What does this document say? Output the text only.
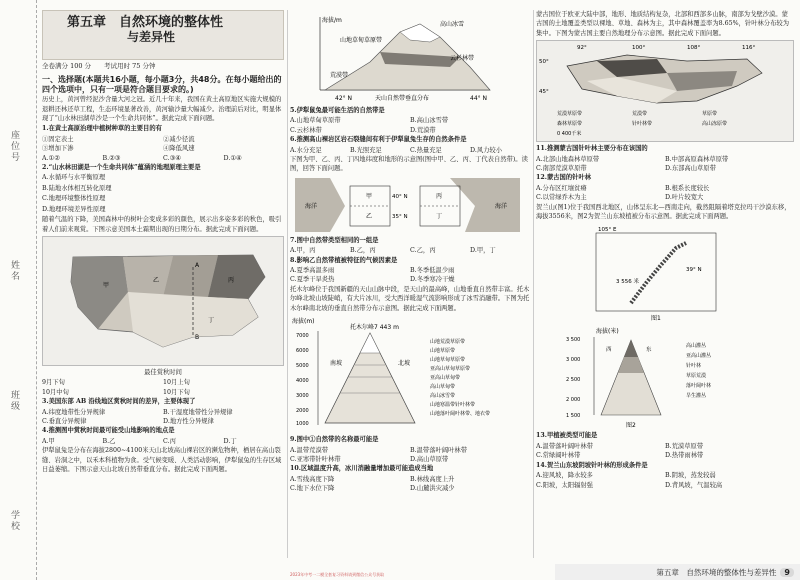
座位号
姓名
班级
学校
第五章　自然环境的整体性
与差异性

全卷满分 100 分　　考试用时 75 分钟

一、选择题(本题共16小题，每小题3分，共48分。在每小题给出的四个选项中，只有一项是符合题目要求的。)

历史上，黄河曾经泥沙含量大河之冠。近几十年来，我国在黄土高原地区实施大规模的退耕还林还草工程，生态环境显著改善，黄河输沙量大幅减少。治理前后对比，明显体现了“山水林田湖草沙是一个生命共同体”。据此完成下面问题。

1.在黄土高原治理中植树种草的主要目的有

①固定表土	②减少径流
③增加下渗	④降低风速
A.①②	B.②③	C.③④	D.①④

2.“山水林田湖是一个生命共同体”蕴涵的地理原理主要是

A.水循环与水平衡原理

B.陆地水体相互转化原理

C.地理环境整体性原理

D.地理环境差异性原理

随着气温的下降，美国森林中的树叶会变成多彩的颜色，展示出多姿多彩的秋色，吸引着人们前来观赏。下图示意美国本土霜期出现的日期分布。据此完成下面问题。

A
B
甲
乙	丙
丁

最佳赏秋时间

9月下旬	10月上旬
10月中旬	10月下旬

3.美国东部 AB 沿线地区赏秋时间的差异，主要体现了

A.纬度地带性分异规律	B.干湿度地带性分异规律
C.垂直分异规律	D.地方性分异规律

4.推测图中赏秋时间最可能受山地影响的地点是

A.甲	B.乙	C.丙	D.丁

伊犁鼠兔是分布在海拔2800~4100米天山北坡高山裸岩区的濒危物种，栖居在高山裂缝、岩洞之中，以禾本科植物为食。受气候变暖、人类活动影响，伊犁鼠兔的生存区域日益萎缩。下图示意天山北坡自然带垂直分布。据此完成下面两题。

海拔/m
高山冰雪
山地草甸草原带
云杉林带
荒漠带
42° N	天山自然带垂直分布	44° N

5.伊犁鼠兔最可能生活的自然带是

A.山地草甸草原带	B.高山冰雪带
C.云杉林带	D.荒漠带

6.推测高山裸岩区岩石裂缝间有利于伊犁鼠兔生存的自然条件是

A.水分充足	B.光照充足	C.热量充足	D.风力较小

下图为甲、乙、丙、丁四地纬度和地形的示意图(图中甲、乙、丙、丁代表自然带)。读图，回答下面问题。

海洋	海洋
甲
乙
丙
丁
40° N
35° N

7.图中自然带类型相同的一组是

A.甲，丙	B.乙，丙	C.乙，丙	D.甲，丁

8.影响乙自然带植被特征的气候因素是

A.夏季高温多雨	B.冬季低温少雨
C.夏季干旱炎热	D.冬季寒冷干燥

托木尔峰位于我国新疆的天山山脉中段，是天山的最高峰，山地垂直自然带丰富。托木尔峰北坡山坡陡峭，有大片冰川，受大西洋暖湿气流影响形成了冰雪消融带。下图为托木尔峰南北坡的垂直自然带分布示意图。据此完成下面两题。

海拔(m)
托木尔峰7 443 m
7000
6000
5000
4000
3000
2000
1000
南坡	北坡
山地荒漠草原带
山地草原带
山地草甸草原带
亚高山草甸草原带
亚高山草甸带
高山草甸带
高山冰雪带
山地寒温带针叶林带
山地落叶阔叶林带、地衣带

9.图中①自然带的名称最可能是

A.温带荒漠带	B.温带落叶阔叶林带
C.亚寒带针叶林带	D.高山草原带

10.区域温度升高，冰川消融量增加最可能造成当地

A.雪线高度下降	B.林线高度上升
C.地下水位下降	D.山麓洪灾减少

蒙古国位于欧亚大陆中部，地形、地质结构复杂，北部和西部多山脉，南部为戈壁沙漠。蒙古国的土地覆盖类型以裸地、草地、森林为主，其中森林覆盖率为8.65%，针叶林分布较为集中。下图为蒙古国主要自然地理分布示意图。据此完成下面问题。

92°	100°	108°	116°
50°
45°
荒漠草原带	荒漠带	草原带
森林草原带	针叶林带	高山冻原带
0 400千米

11.推测蒙古国针叶林主要分布在该国的

A.北部山地森林草原带	B.中部高原森林草原带
C.南部荒漠草原带	D.东部高山草原带

12.蒙古国的针叶林

A.分布区红壤贫瘠	B.根系长度较长
C.以常绿乔木为主	D.叶片较宽大

贺兰山(图1)位于我国西北地区，山体呈东北—西南走向，截然阻隔着塔克拉玛干沙漠东移，海拔3556米，图2为贺兰山东坡植被分布示意图。据此完成下面两题。

105° E
39° N
3 556 米
图1
海拔(米)
3 500
3 000
2 500
2 000
1 500
西	东
高山灌丛
亚高山灌丛
针叶林
草原荒漠
落叶阔叶林
旱生灌丛
图2

13.甲植被类型可能是

A.温带落叶阔叶林带	B.荒漠草原带
C.常绿阔叶林带	D.热带雨林带

14.贺兰山东坡阴坡针叶林的形成条件是

A.迎风坡，降水较多	B.阴坡，蒸发较弱
C.阳坡，太阳辐射强	D.背风坡，气温较高
2023年中考一二模全套复习资料请到微信公众号获取	第五章　自然环境的整体性与差异性	9
